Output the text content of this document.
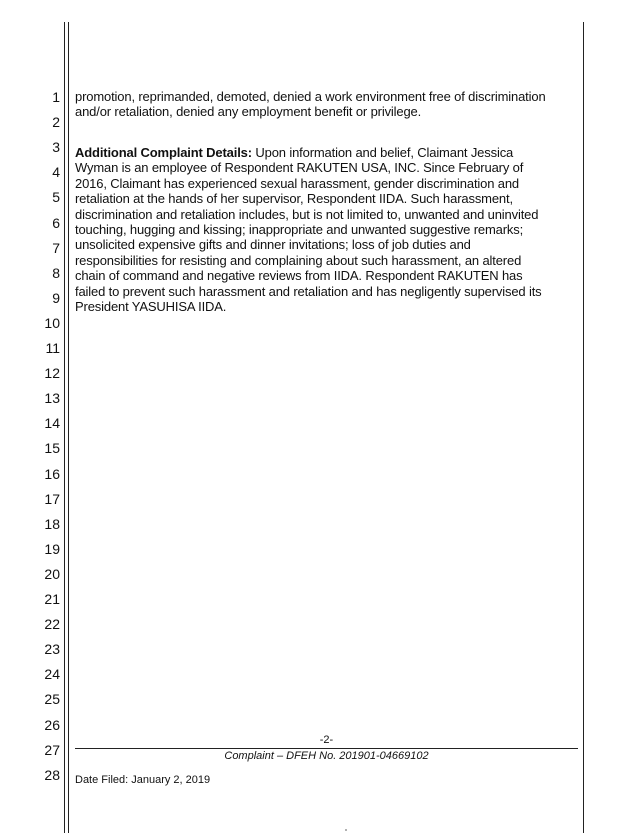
1
2
3
4
5
6
7
8
9
10
11
12
13
14
15
16
17
18
19
20
21
22
23
24
25
26
27
28
promotion, reprimanded, demoted, denied a work environment free of discrimination
and/or retaliation, denied any employment benefit or privilege.
Additional Complaint Details: Upon information and belief, Claimant Jessica
Wyman is an employee of Respondent RAKUTEN USA, INC. Since February of
2016, Claimant has experienced sexual harassment, gender discrimination and
retaliation at the hands of her supervisor, Respondent IIDA. Such harassment,
discrimination and retaliation includes, but is not limited to, unwanted and uninvited
touching, hugging and kissing; inappropriate and unwanted suggestive remarks;
unsolicited expensive gifts and dinner invitations; loss of job duties and
responsibilities for resisting and complaining about such harassment, an altered
chain of command and negative reviews from IIDA. Respondent RAKUTEN has
failed to prevent such harassment and retaliation and has negligently supervised its
President YASUHISA IIDA.
-2-
Complaint – DFEH No. 201901-04669102
Date Filed: January 2, 2019
